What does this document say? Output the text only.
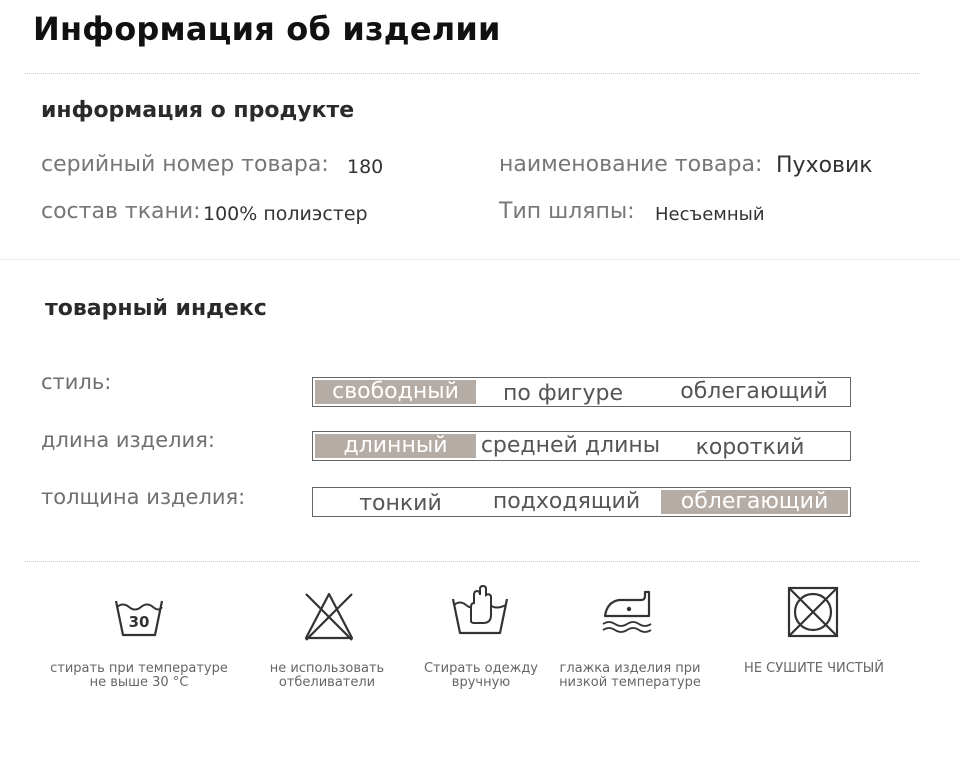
Информация об изделии
информация о продукте
серийный номер товара: 180	наименование товара: Пуховик
состав ткани: 100% полиэстер	Тип шляпы: Несъемный
товарный индекс
стиль:	свободный	по фигуре	облегающий
длина изделия:	длинный	средней длины	короткий
толщина изделия:	тонкий	подходящий	облегающий
30
стирать при температуре
не выше 30 °C
не использовать
отбеливатели
Стирать одежду
вручную
глажка изделия при
низкой температуре
НЕ СУШИТЕ ЧИСТЫЙ
